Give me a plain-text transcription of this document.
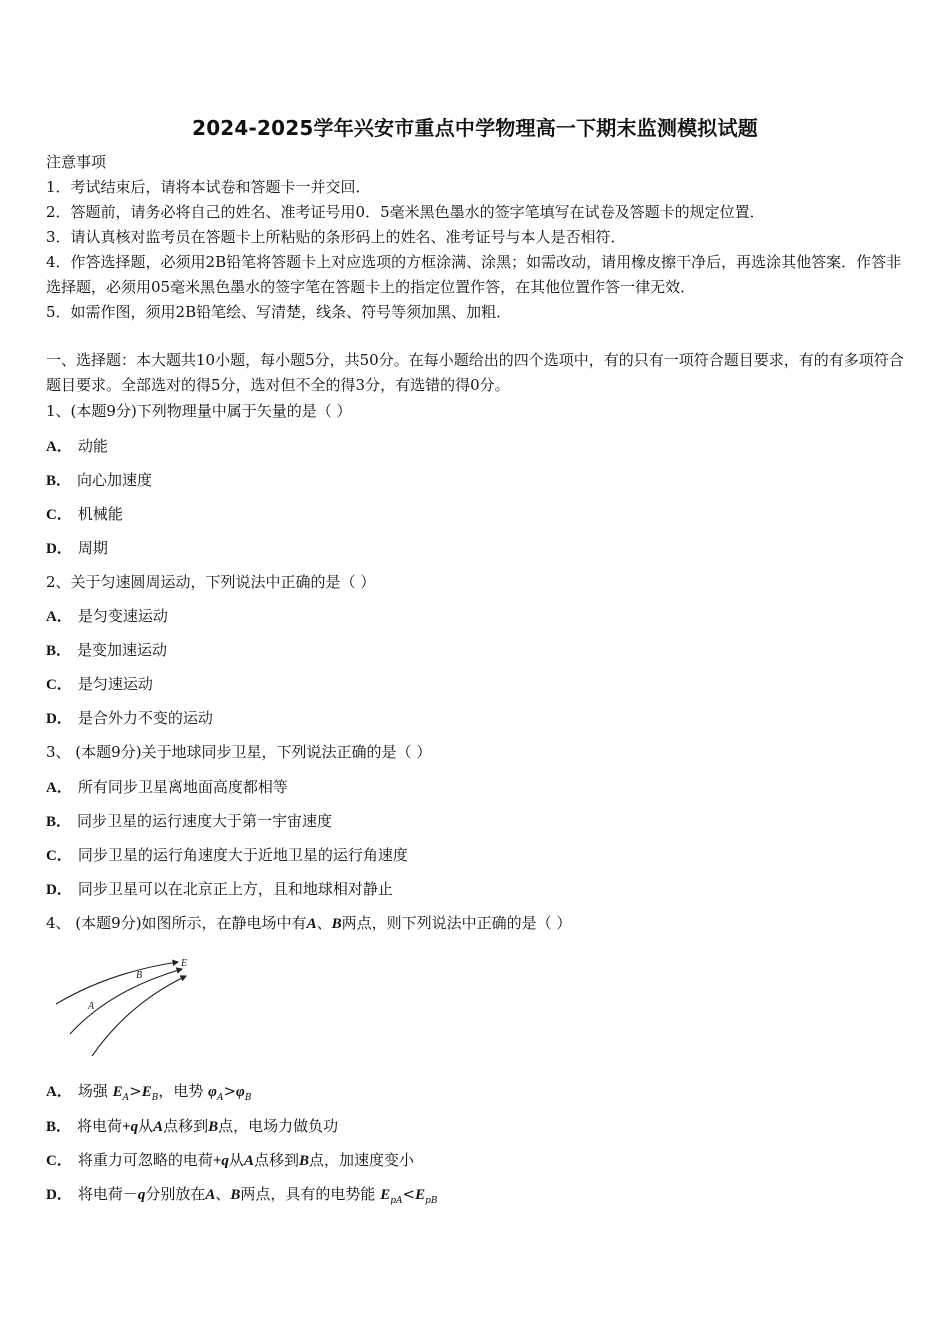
2024-2025学年兴安市重点中学物理高一下期末监测模拟试题
注意事项
1．考试结束后，请将本试卷和答题卡一并交回．
2．答题前，请务必将自己的姓名、准考证号用0．5毫米黑色墨水的签字笔填写在试卷及答题卡的规定位置．
3．请认真核对监考员在答题卡上所粘贴的条形码上的姓名、准考证号与本人是否相符．
4．作答选择题，必须用2B铅笔将答题卡上对应选项的方框涂满、涂黑；如需改动，请用橡皮擦干净后，再选涂其他答案．作答非选择题，必须用05毫米黑色墨水的签字笔在答题卡上的指定位置作答，在其他位置作答一律无效．
5．如需作图，须用2B铅笔绘、写清楚，线条、符号等须加黑、加粗．
一、选择题：本大题共10小题，每小题5分，共50分。在每小题给出的四个选项中，有的只有一项符合题目要求，有的有多项符合题目要求。全部选对的得5分，选对但不全的得3分，有选错的得0分。
1、(本题9分)下列物理量中属于矢量的是（ ）
A． 动能
B． 向心加速度
C． 机械能
D． 周期
2、关于匀速圆周运动，下列说法中正确的是（ ）
A． 是匀变速运动
B． 是变加速运动
C． 是匀速运动
D． 是合外力不变的运动
3、 (本题9分)关于地球同步卫星，下列说法正确的是（ ）
A． 所有同步卫星离地面高度都相等
B． 同步卫星的运行速度大于第一宇宙速度
C． 同步卫星的运行角速度大于近地卫星的运行角速度
D． 同步卫星可以在北京正上方，且和地球相对静止
4、 (本题9分)如图所示，在静电场中有A、B两点，则下列说法中正确的是（ ）
A
B
E
A． 场强 $E_A>E_B$，电势 $\varphi_A>\varphi_B$
B． 将电荷+q从A点移到B点，电场力做负功
C． 将重力可忽略的电荷+q从A点移到B点，加速度变小
D． 将电荷－q分别放在A、B两点，具有的电势能 $E_{pA}<E_{pB}$
